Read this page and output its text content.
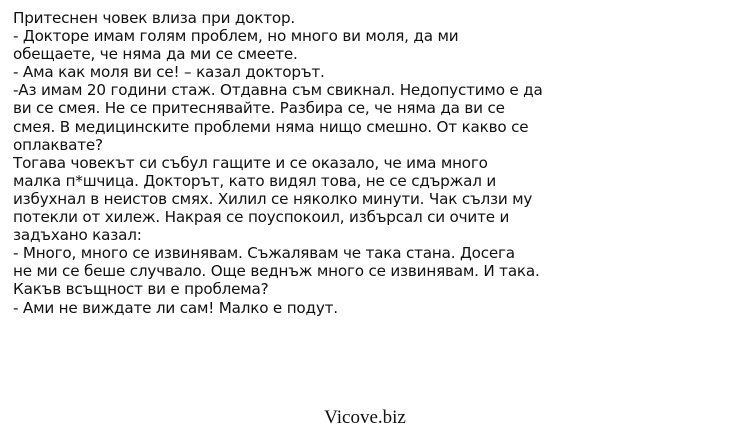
Притеснен човек влиза при доктор.
- Докторе имам голям проблем, но много ви моля, да ми
обещаете, че няма да ми се смеете.
- Ама как моля ви се! – казал докторът.
-Аз имам 20 години стаж. Отдавна съм свикнал. Недопустимо е да
ви се смея. Не се притеснявайте. Разбира се, че няма да ви се
смея. В медицинските проблеми няма нищо смешно. От какво се
оплаквате?
Тогава човекът си събул гащите и се оказало, че има много
малка п*шчица. Докторът, като видял това, не се сдържал и
избухнал в неистов смях. Хилил се няколко минути. Чак сълзи му
потекли от хилеж. Накрая се поуспокоил, избърсал си очите и
задъхано казал:
- Много, много се извинявам. Съжалявам че така стана. Досега
не ми се беше случвало. Още веднъж много се извинявам. И така.
Какъв всъщност ви е проблема?
- Ами не виждате ли сам! Малко е подут.
Vicove.biz
